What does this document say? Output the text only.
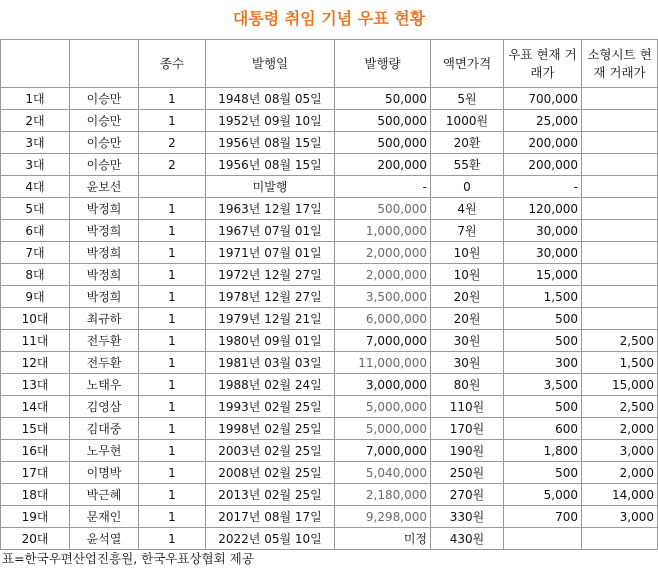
대통령 취임 기념 우표 현황
		종수	발행일	발행량	액면가격	우표 현재 거래가	소형시트 현재 거래가
1대	이승만	1	1948년 08월 05일	50,000	5원	700,000	
2대	이승만	1	1952년 09월 10일	500,000	1000원	25,000	
3대	이승만	2	1956년 08월 15일	500,000	20환	200,000	
3대	이승만	2	1956년 08월 15일	200,000	55환	200,000	
4대	윤보선		미발행	-	0	-	
5대	박정희	1	1963년 12월 17일	500,000	4원	120,000	
6대	박정희	1	1967년 07월 01일	1,000,000	7원	30,000	
7대	박정희	1	1971년 07월 01일	2,000,000	10원	30,000	
8대	박정희	1	1972년 12월 27일	2,000,000	10원	15,000	
9대	박정희	1	1978년 12월 27일	3,500,000	20원	1,500	
10대	최규하	1	1979년 12월 21일	6,000,000	20원	500	
11대	전두환	1	1980년 09월 01일	7,000,000	30원	500	2,500
12대	전두환	1	1981년 03월 03일	11,000,000	30원	300	1,500
13대	노태우	1	1988년 02월 24일	3,000,000	80원	3,500	15,000
14대	김영삼	1	1993년 02월 25일	5,000,000	110원	500	2,500
15대	김대중	1	1998년 02월 25일	5,000,000	170원	600	2,000
16대	노무현	1	2003년 02월 25일	7,000,000	190원	1,800	3,000
17대	이명박	1	2008년 02월 25일	5,040,000	250원	500	2,000
18대	박근혜	1	2013년 02월 25일	2,180,000	270원	5,000	14,000
19대	문재인	1	2017년 08월 17일	9,298,000	330원	700	3,000
20대	윤석열	1	2022년 05월 10일	미정	430원		
표=한국우편산업진흥원, 한국우표상협회 제공
